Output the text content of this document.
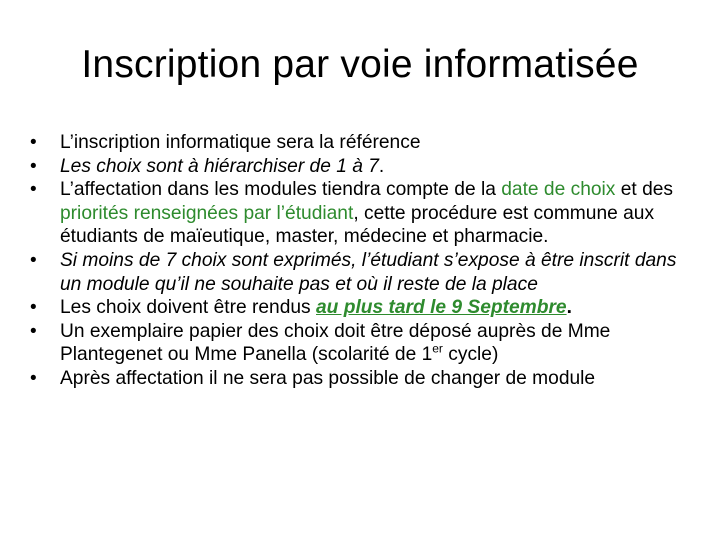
Inscription par voie informatisée
• L’inscription informatique sera la référence
• Les choix sont à hiérarchiser de 1 à 7.
• L’affectation dans les modules tiendra compte de la date de choix et des priorités renseignées par l’étudiant, cette procédure est commune aux étudiants de maïeutique, master, médecine et pharmacie.
• Si moins de 7 choix sont exprimés, l’étudiant s’expose à être inscrit dans un module qu’il ne souhaite pas et où il reste de la place
• Les choix doivent être rendus au plus tard le 9 Septembre.
• Un exemplaire papier des choix doit être déposé auprès de Mme Plantegenet ou Mme Panella (scolarité de 1er cycle)
• Après affectation il ne sera pas possible de changer de module
